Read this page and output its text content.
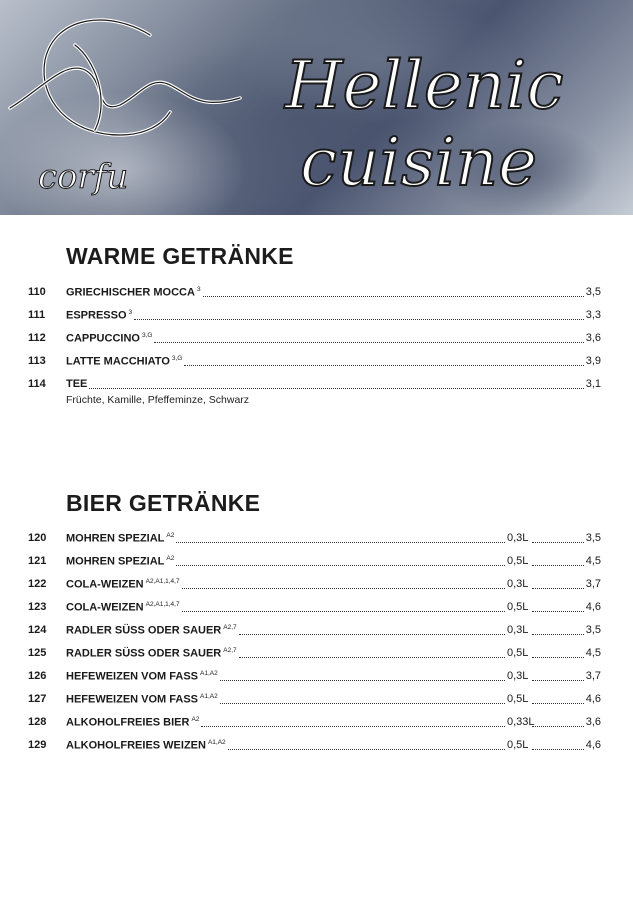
corfu
Hellenic
cuisine
WARME GETRÄNKE
110	GRIECHISCHER MOCCA $^3$	3,5
111	ESPRESSO $^3$	3,3
112	CAPPUCCINO $^{3,G}$	3,6
113	LATTE MACCHIATO $^{3,G}$	3,9
114	TEE	3,1
Früchte, Kamille, Pfeffeminze, Schwarz
BIER GETRÄNKE
120	MOHREN SPEZIAL $^{A2}$	0,3L	3,5
121	MOHREN SPEZIAL $^{A2}$	0,5L	4,5
122	COLA-WEIZEN $^{A2,A1,1,4,7}$	0,3L	3,7
123	COLA-WEIZEN $^{A2,A1,1,4,7}$	0,5L	4,6
124	RADLER SÜSS ODER SAUER $^{A2,7}$	0,3L	3,5
125	RADLER SÜSS ODER SAUER $^{A2,7}$	0,5L	4,5
126	HEFEWEIZEN VOM FASS $^{A1,A2}$	0,3L	3,7
127	HEFEWEIZEN VOM FASS $^{A1,A2}$	0,5L	4,6
128	ALKOHOLFREIES BIER $^{A2}$	0,33L	3,6
129	ALKOHOLFREIES WEIZEN $^{A1,A2}$	0,5L	4,6
